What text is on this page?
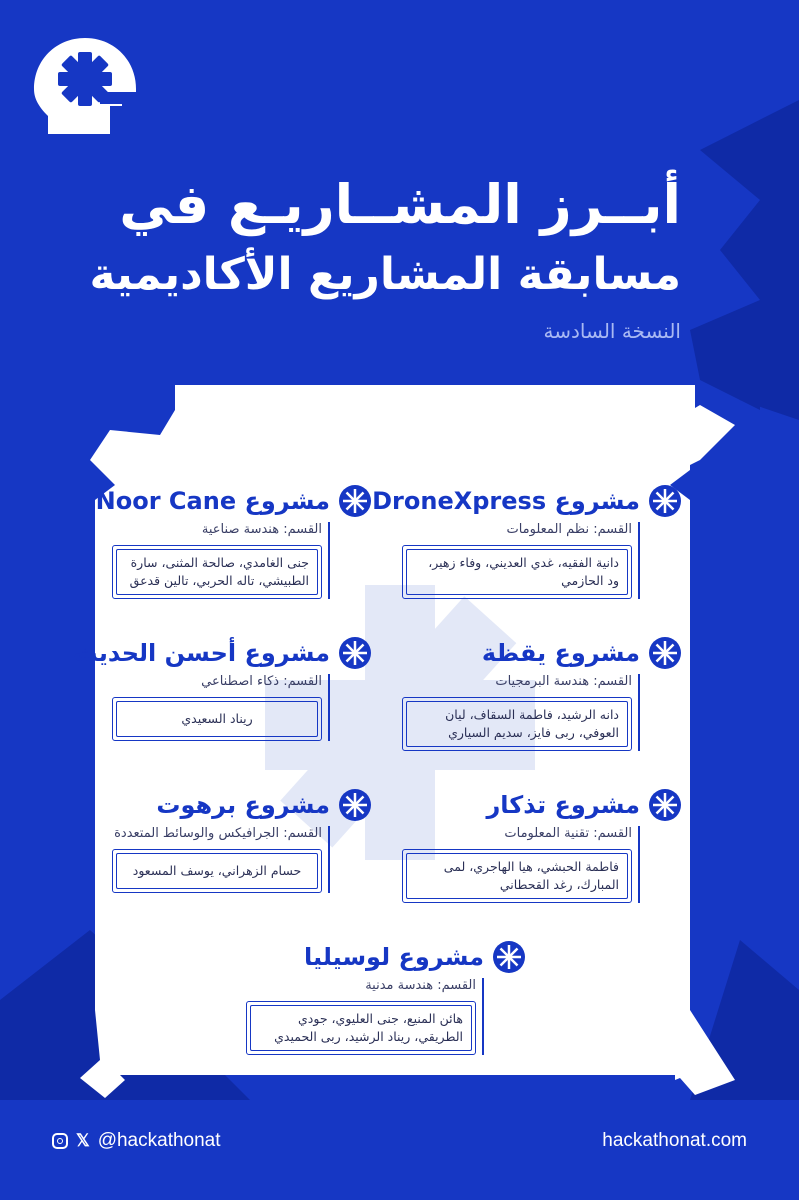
أبــرز المشــاريـع في

مسابقة المشاريع الأكاديمية

النسخة السادسة

مشروع DroneXpress
القسم: نظم المعلومات
دانية الفقيه، غدي العديني، وفاء زهير، ود الحازمي
مشروع Noor Cane
القسم: هندسة صناعية
جنى الغامدي، صالحة المثنى، سارة الطبيشي، تاله الحربي، تالين قدعق
مشروع يقظة
القسم: هندسة البرمجيات
دانه الرشيد، فاطمة السقاف، ليان العوفي، ربى فايز، سديم السياري
مشروع أحسن الحديث
القسم: ذكاء اصطناعي
ريناد السعيدي
مشروع تذكار
القسم: تقنية المعلومات
فاطمة الحبشي، هيا الهاجري، لمى المبارك، رغد القحطاني
مشروع برهوت
القسم: الجرافيكس والوسائط المتعددة
حسام الزهراني، يوسف المسعود
مشروع لوسيليا
القسم: هندسة مدنية
هائن المنيع، جنى العليوي، جودي الطريقي، ريناد الرشيد، ربى الحميدي
𝕏 @hackathonat	hackathonat.com
